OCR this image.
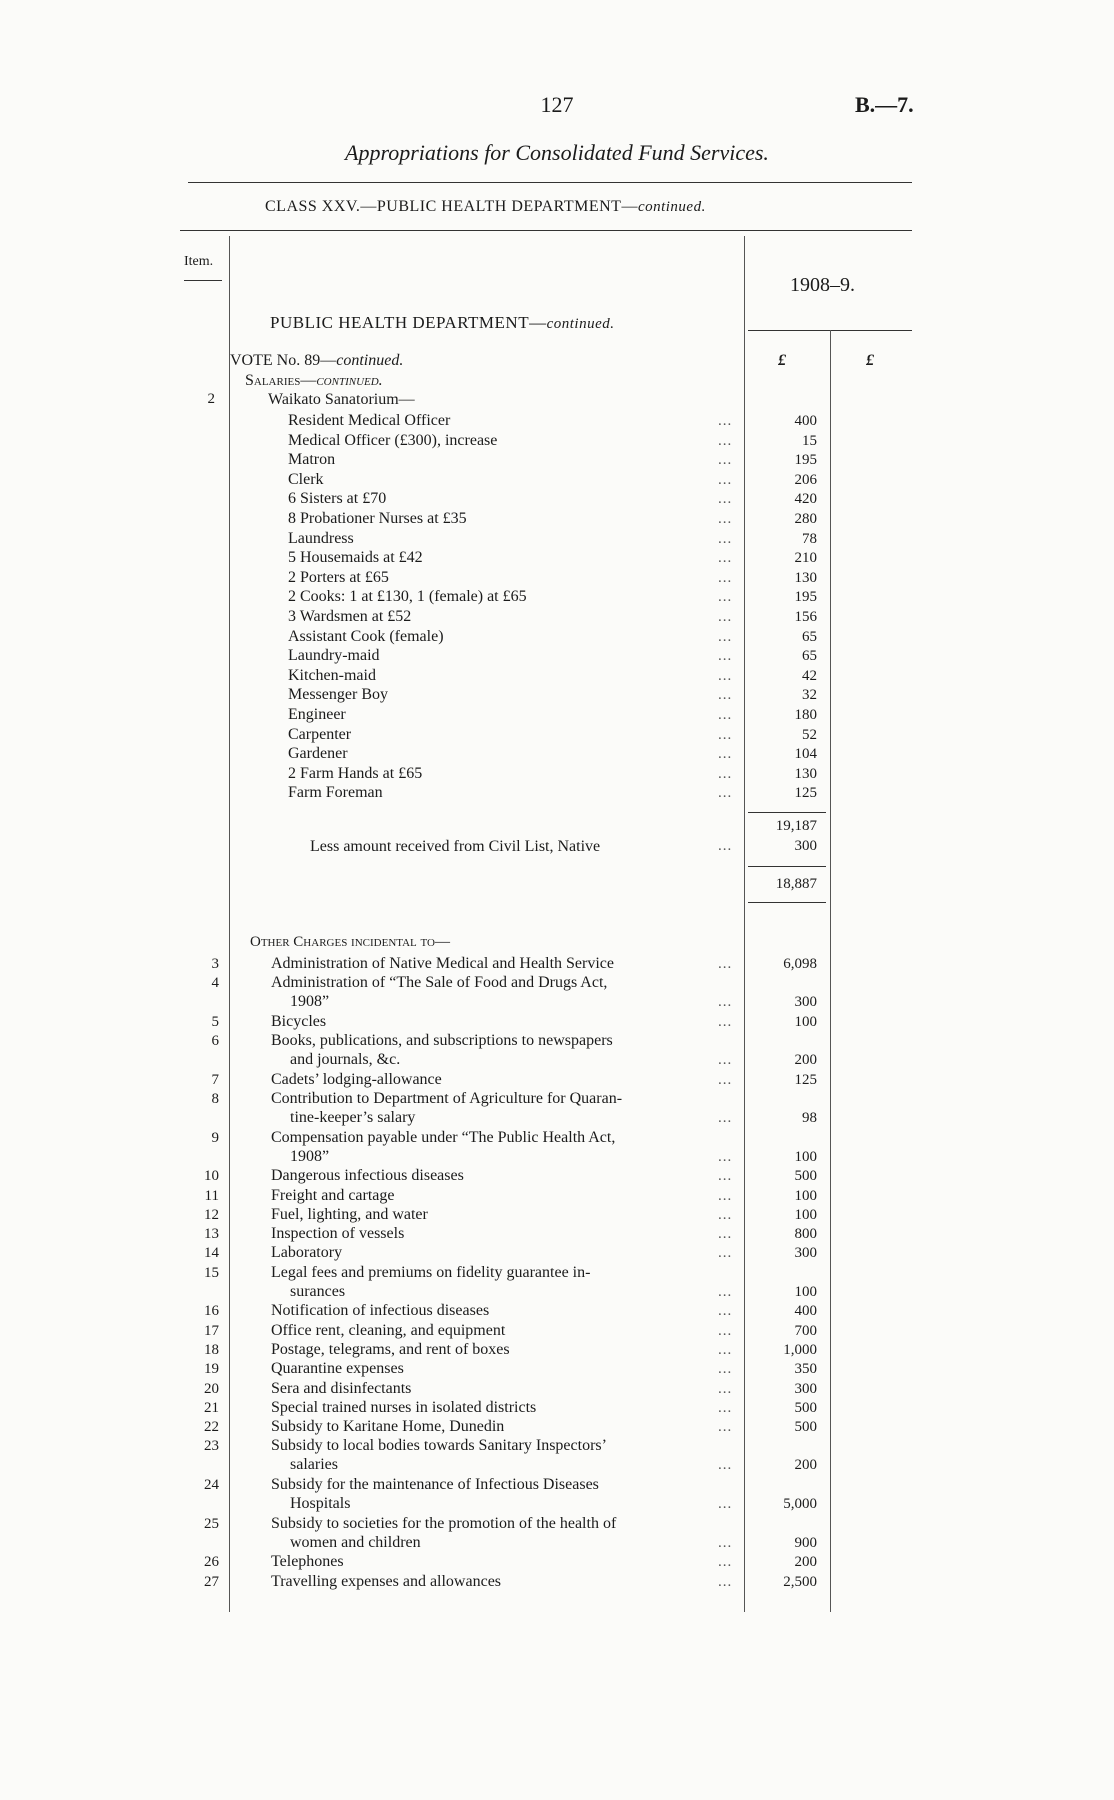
127	B.—7.
Appropriations for Consolidated Fund Services.
CLASS XXV.—PUBLIC HEALTH DEPARTMENT—continued.
Item.
1908–9.
PUBLIC HEALTH DEPARTMENT—continued.
£	£
VOTE No. 89—continued.
Salaries—continued.
2	Waikato Sanatorium—
Resident Medical Officer	...	400
Medical Officer (£300), increase	...	15
Matron	...	195
Clerk	...	206
6 Sisters at £70	...	420
8 Probationer Nurses at £35	...	280
Laundress	...	78
5 Housemaids at £42	...	210
2 Porters at £65	...	130
2 Cooks: 1 at £130, 1 (female) at £65	...	195
3 Wardsmen at £52	...	156
Assistant Cook (female)	...	65
Laundry-maid	...	65
Kitchen-maid	...	42
Messenger Boy	...	32
Engineer	...	180
Carpenter	...	52
Gardener	...	104
2 Farm Hands at £65	...	130
Farm Foreman	...	125
19,187
Less amount received from Civil List, Native	...	300
18,887
Other Charges incidental to—
3	Administration of Native Medical and Health Service	...	6,098
4	Administration of “The Sale of Food and Drugs Act,
1908”	...	300
5	Bicycles	...	100
6	Books, publications, and subscriptions to newspapers
and journals, &c.	...	200
7	Cadets’ lodging-allowance	...	125
8	Contribution to Department of Agriculture for Quaran-
tine-keeper’s salary	...	98
9	Compensation payable under “The Public Health Act,
1908”	...	100
10	Dangerous infectious diseases	...	500
11	Freight and cartage	...	100
12	Fuel, lighting, and water	...	100
13	Inspection of vessels	...	800
14	Laboratory	...	300
15	Legal fees and premiums on fidelity guarantee in-
surances	...	100
16	Notification of infectious diseases	...	400
17	Office rent, cleaning, and equipment	...	700
18	Postage, telegrams, and rent of boxes	...	1,000
19	Quarantine expenses	...	350
20	Sera and disinfectants	...	300
21	Special trained nurses in isolated districts	...	500
22	Subsidy to Karitane Home, Dunedin	...	500
23	Subsidy to local bodies towards Sanitary Inspectors’
salaries	...	200
24	Subsidy for the maintenance of Infectious Diseases
Hospitals	...	5,000
25	Subsidy to societies for the promotion of the health of
women and children	...	900
26	Telephones	...	200
27	Travelling expenses and allowances	...	2,500
